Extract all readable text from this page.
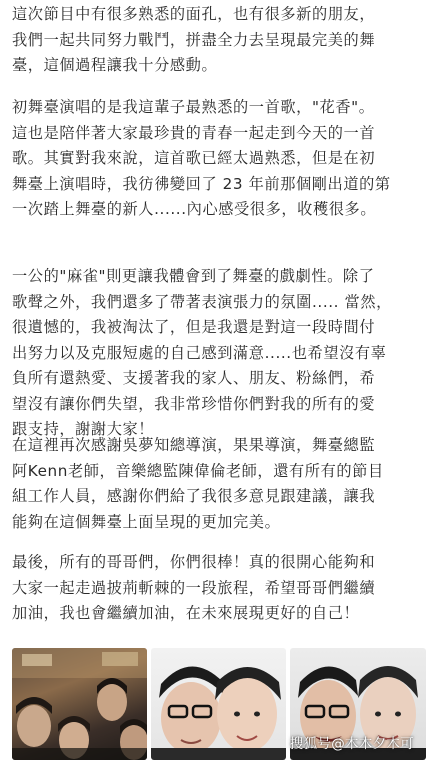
這次節目中有很多熟悉的面孔，也有很多新的朋友，
我們一起共同努力戰鬥，拼盡全力去呈現最完美的舞
臺，這個過程讓我十分感動。

初舞臺演唱的是我這輩子最熟悉的一首歌，"花香"。
這也是陪伴著大家最珍貴的青春一起走到今天的一首
歌。其實對我來說，這首歌已經太過熟悉，但是在初
舞臺上演唱時，我彷彿變回了 23 年前那個剛出道的第
一次踏上舞臺的新人......內心感受很多，收穫很多。

一公的"麻雀"則更讓我體會到了舞臺的戲劇性。除了
歌聲之外，我們還多了帶著表演張力的氛圍..... 當然，
很遺憾的，我被淘汰了，但是我還是對這一段時間付
出努力以及克服短處的自己感到滿意.....也希望沒有辜
負所有還熱愛、支援著我的家人、朋友、粉絲們，希
望沒有讓你們失望，我非常珍惜你們對我的所有的愛
跟支持，謝謝大家！

在這裡再次感謝吳夢知總導演，果果導演，舞臺總監
阿Kenn老師，音樂總監陳偉倫老師，還有所有的節目
組工作人員，感謝你們給了我很多意見跟建議，讓我
能夠在這個舞臺上面呈現的更加完美。

最後，所有的哥哥們，你們很棒！真的很開心能夠和
大家一起走過披荊斬棘的一段旅程，希望哥哥們繼續
加油，我也會繼續加油，在未來展現更好的自己！

搜狐号@木木夕木可
